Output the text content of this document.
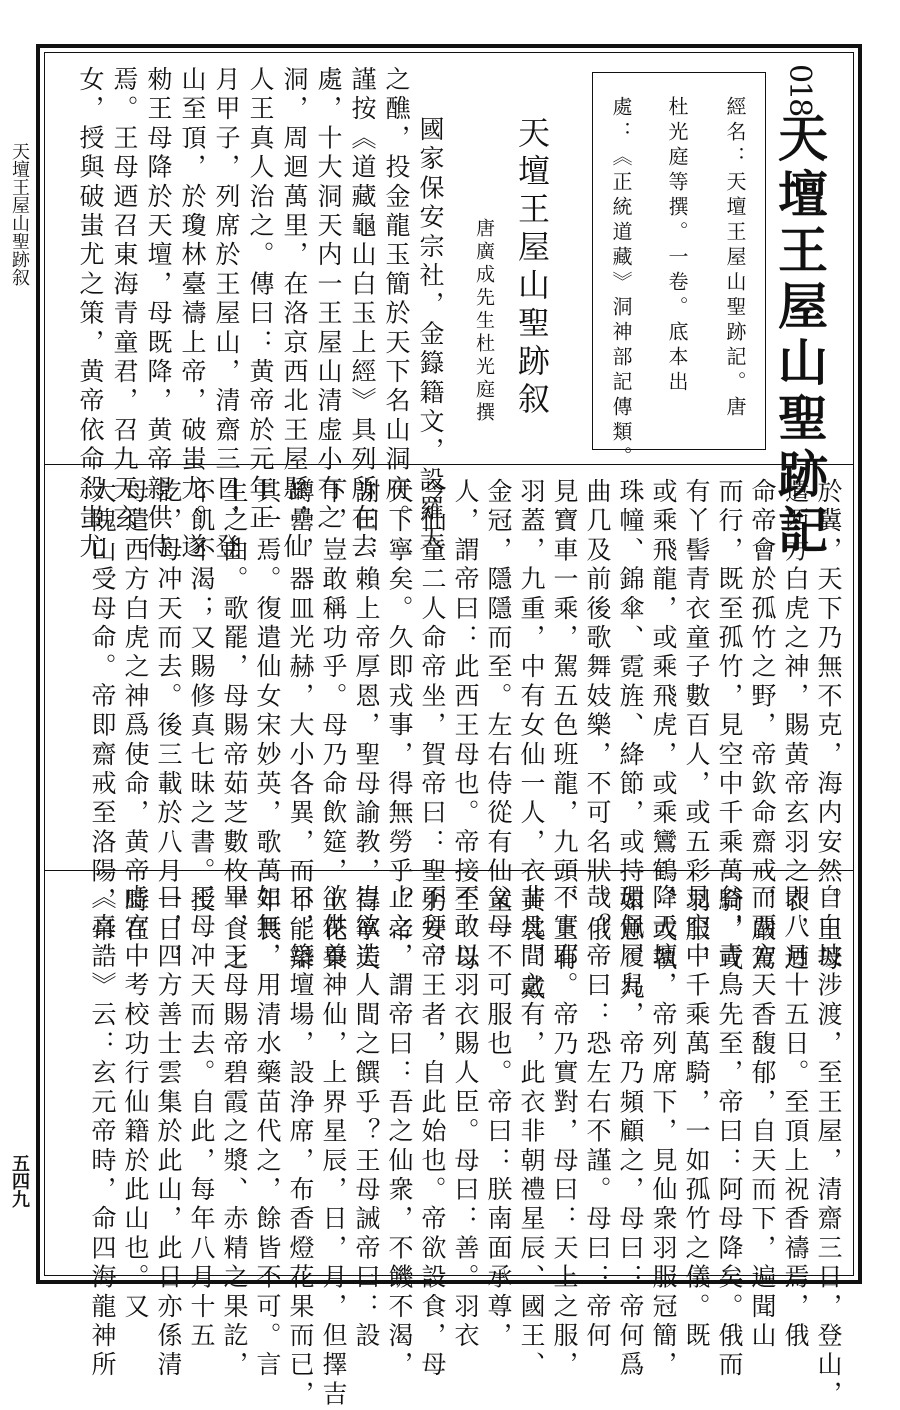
天壇王屋山聖跡叙
五四九
018
天壇王屋山聖跡記
經名：天壇王屋山聖跡記。唐
杜光庭等撰。一卷。底本出
處：《正統道藏》洞神部記傳類。
天壇王屋山聖跡叙
唐廣成先生杜光庭撰
國家保安宗社，金籙籍文，設羅天
之醮，投金龍玉簡於天下名山洞府。
謹按《道藏龜山白玉上經》具列所在去
處，十大洞天内一王屋山清虚小有之
洞，周迴萬里，在洛京西北王屋縣，仙
人王真人治之。傳曰：黄帝於元年正
月甲子，列席於王屋山，清齋三日，登
山至頂，於瓊林臺禱上帝，破蚩尤。遂
勑王母降於天壇，母既降，黄帝親供侍
焉。王母迺召東海青童君，召九天玄
女，授與破蚩尤之策，黄帝依命殺蚩尤
於冀，天下乃無不克，海内安然。王母
遣西方白虎之神，賜黄帝玄羽之衣，迺
命帝會於孤竹之野，帝欽命齋戒，嚴駕
而行，既至孤竹，見空中千乘萬騎，或
有丫髻青衣童子數百人，或五彩羽服，
或乘飛龍，或乘飛虎，或乘鸞鶴，或執
珠幢、錦傘、霓旌、絳節，或持如意、九
曲几及前後歌舞妓樂，不可名狀。俄
見寶車一乘，駕五色班龍，九頭，上有
羽蓋，九重，中有女仙一人，衣黄裳，戴
金冠，隱隱而至。左右侍從有仙童一
人，謂帝曰：此西王母也。帝接至，母
令仙童二人命帝坐，賀帝曰：聖躬安，
天下寧矣。久即戎事，得無勞乎？帝
謝曰：賴上帝厚恩，聖母諭教，得寧天
下，豈敢稱功乎。母乃命飲筵，上花果
罇罍，器皿光赫，大小各異，而不能辯
其一焉。復遣仙女宋妙英，歌萬年長
生之曲。歌罷，母賜帝茹芝數枚，食之
不飢不渴；又賜修真七昧之書。授
訖，母冲天而去。後三載於八月一日，
母遣西方白虎之神爲使命，黄帝時在
大隗山受母命。帝即齋戒至洛陽，帝
自白坡涉渡，至王屋，清齋三日，登山，
即八月十五日。至頂上祝香禱焉，俄
而西方天香馥郁，自天而下，遍聞山
谷，青鳥先至，帝曰：阿母降矣。俄而
見空中千乘萬騎，一如孤竹之儀。既
降天壇，帝列席下，見仙衆羽服冠簡，
環佩履舄，帝乃頻顧之，母曰：帝何爲
哉？帝曰：恐左右不謹。母曰：帝何
不實耶。帝乃實對，母曰：天上之服，
非凡間之有，此衣非朝禮星辰、國王、
父母不可服也。帝曰：朕南面承尊，
不敢以羽衣賜人臣。母曰：善。羽衣
不拜帝王者，自此始也。帝欲設食，母
止之，謂帝曰：吾之仙衆，不饑不渴，
豈欲造人間之饌乎？王母誡帝曰：設
欲供養神仙，上界星辰，日，月，但擇吉
日，築壇場，設浄席，布香燈花果而已，
如無，用清水藥苗代之，餘皆不可。言
畢，王母賜帝碧霞之漿、赤精之果訖，
王母冲天而去。自此，每年八月十五
日，四方善士雲集於此山，此日亦係清
虚宫中考校功行仙籍於此山也。又
《真誥》云：玄元帝時，命四海龍神所
